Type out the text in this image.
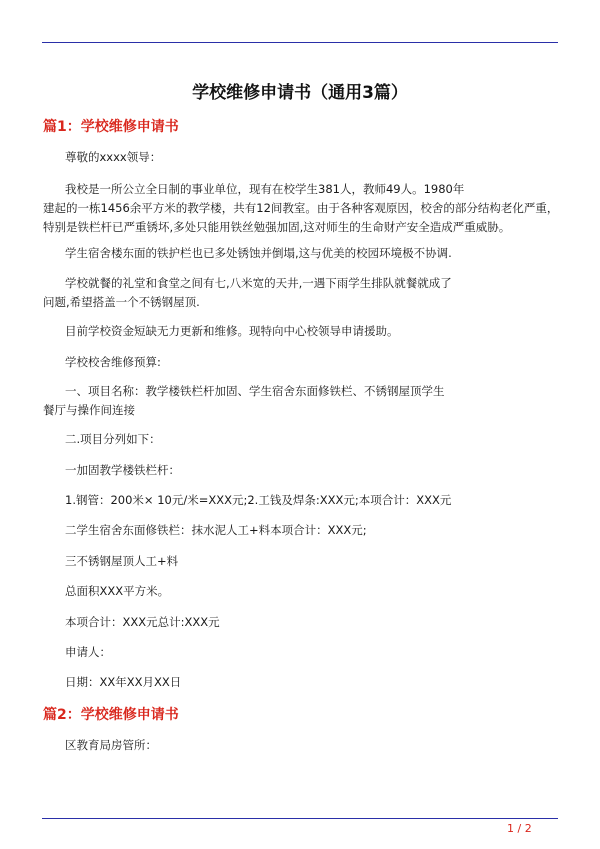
学校维修申请书（通用3篇）
篇1：学校维修申请书
尊敬的xxxx领导：
我校是一所公立全日制的事业单位，现有在校学生381人，教师49人。1980年
建起的一栋1456余平方米的教学楼，共有12间教室。由于各种客观原因，校舍的部分结构老化严重，特别是铁栏杆已严重锈坏,多处只能用铁丝勉强加固,这对师生的生命财产安全造成严重威胁。
学生宿舍楼东面的铁护栏也已多处锈蚀并倒塌,这与优美的校园环境极不协调.
学校就餐的礼堂和食堂之间有七,八米宽的天井,一遇下雨学生排队就餐就成了
问题,希望搭盖一个不锈钢屋顶.
目前学校资金短缺无力更新和维修。现特向中心校领导申请援助。
学校校舍维修预算:
一、项目名称：教学楼铁栏杆加固、学生宿舍东面修铁栏、不锈钢屋顶学生
餐厅与操作间连接
二.项目分列如下：
一加固教学楼铁栏杆：
1.钢管：200米× 10元/米=XXX元;2.工钱及焊条:XXX元;本项合计：XXX元
二学生宿舍东面修铁栏：抹水泥人工+料本项合计：XXX元;
三不锈钢屋顶人工+料
总面积XXX平方米。
本项合计：XXX元总计:XXX元
申请人：
日期：XX年XX月XX日
篇2：学校维修申请书
区教育局房管所：
1 / 2
